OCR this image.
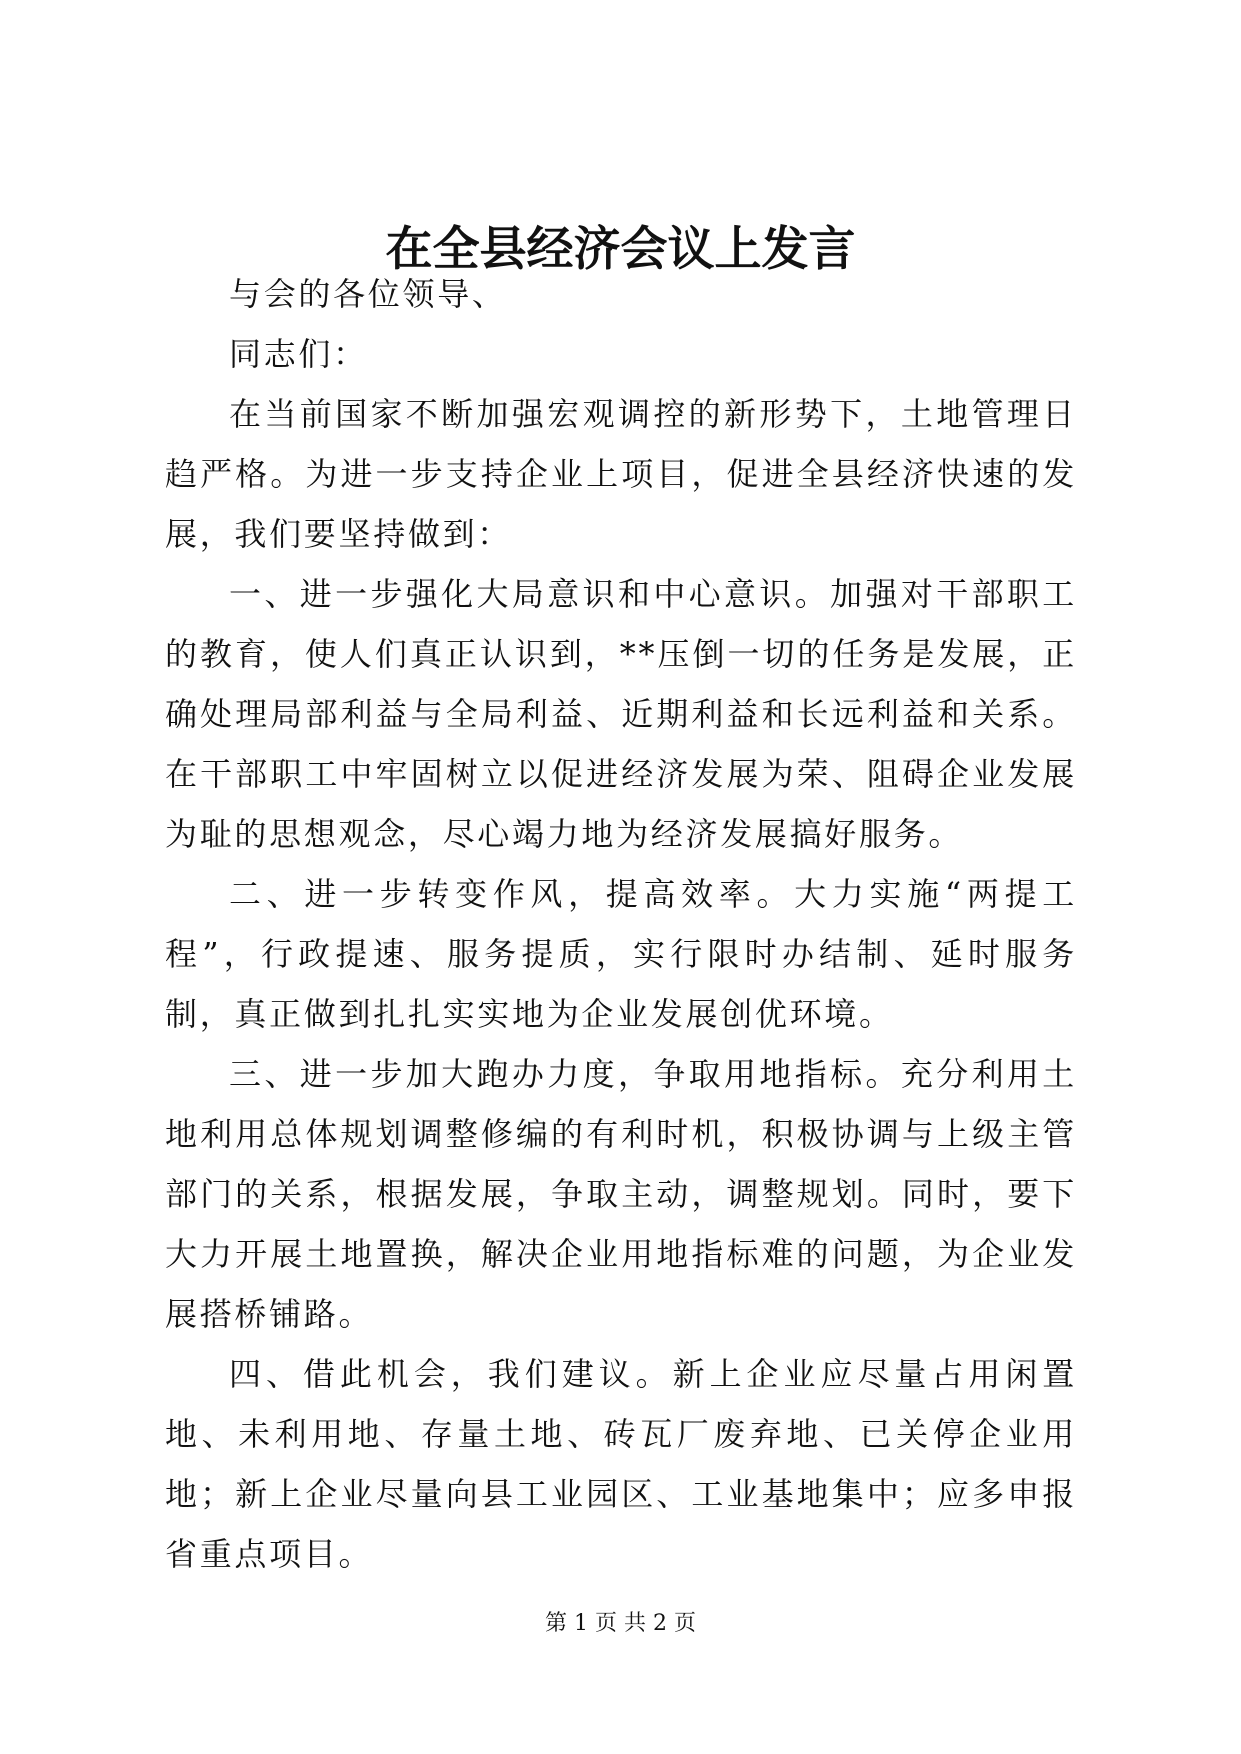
在全县经济会议上发言

与会的各位领导、

同志们：

在当前国家不断加强宏观调控的新形势下，土地管理日趋严格。为进一步支持企业上项目，促进全县经济快速的发展，我们要坚持做到：

一、进一步强化大局意识和中心意识。加强对干部职工的教育，使人们真正认识到，**压倒一切的任务是发展，正确处理局部利益与全局利益、近期利益和长远利益和关系。在干部职工中牢固树立以促进经济发展为荣、阻碍企业发展为耻的思想观念，尽心竭力地为经济发展搞好服务。

二、进一步转变作风，提高效率。大力实施“两提工程”，行政提速、服务提质，实行限时办结制、延时服务制，真正做到扎扎实实地为企业发展创优环境。

三、进一步加大跑办力度，争取用地指标。充分利用土地利用总体规划调整修编的有利时机，积极协调与上级主管部门的关系，根据发展，争取主动，调整规划。同时，要下大力开展土地置换，解决企业用地指标难的问题，为企业发展搭桥铺路。

四、借此机会，我们建议。新上企业应尽量占用闲置地、未利用地、存量土地、砖瓦厂废弃地、已关停企业用地；新上企业尽量向县工业园区、工业基地集中；应多申报省重点项目。

第 1 页 共 2 页
